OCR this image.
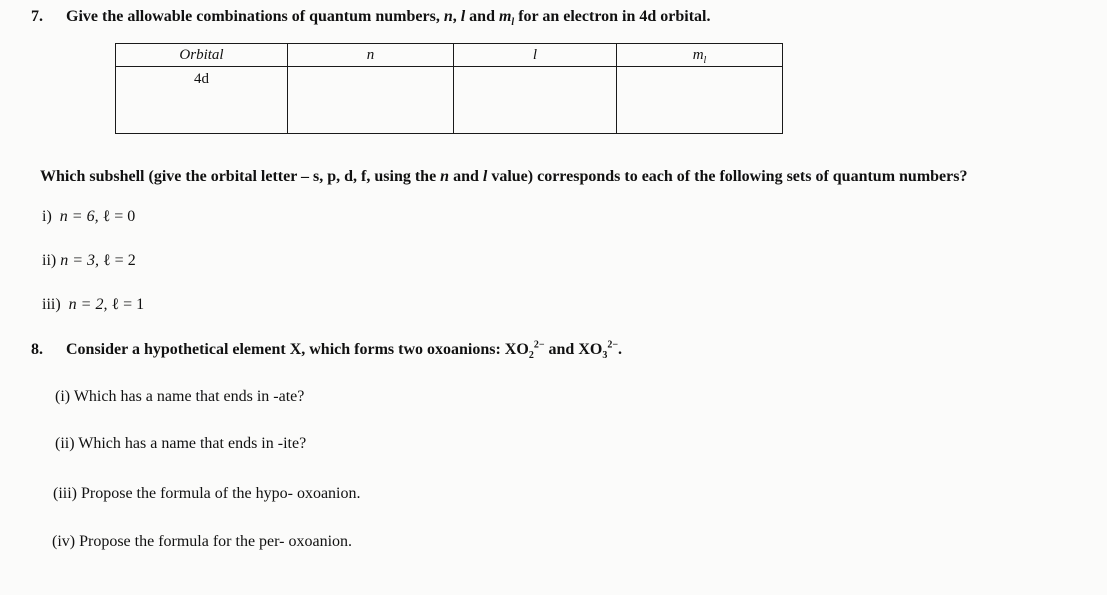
7. Give the allowable combinations of quantum numbers, n, l and $m_l$ for an electron in 4d orbital.
Orbital	n	l	$m_l$
4d			
Which subshell (give the orbital letter – s, p, d, f, using the n and l value) corresponds to each of the following sets of quantum numbers?
i) n = 6, ℓ = 0
ii) n = 3, ℓ = 2
iii) n = 2, ℓ = 1
8. Consider a hypothetical element X, which forms two oxoanions: $XO_2^{2-}$ and $XO_3^{2-}$.
(i) Which has a name that ends in -ate?
(ii) Which has a name that ends in -ite?
(iii) Propose the formula of the hypo- oxoanion.
(iv) Propose the formula for the per- oxoanion.
